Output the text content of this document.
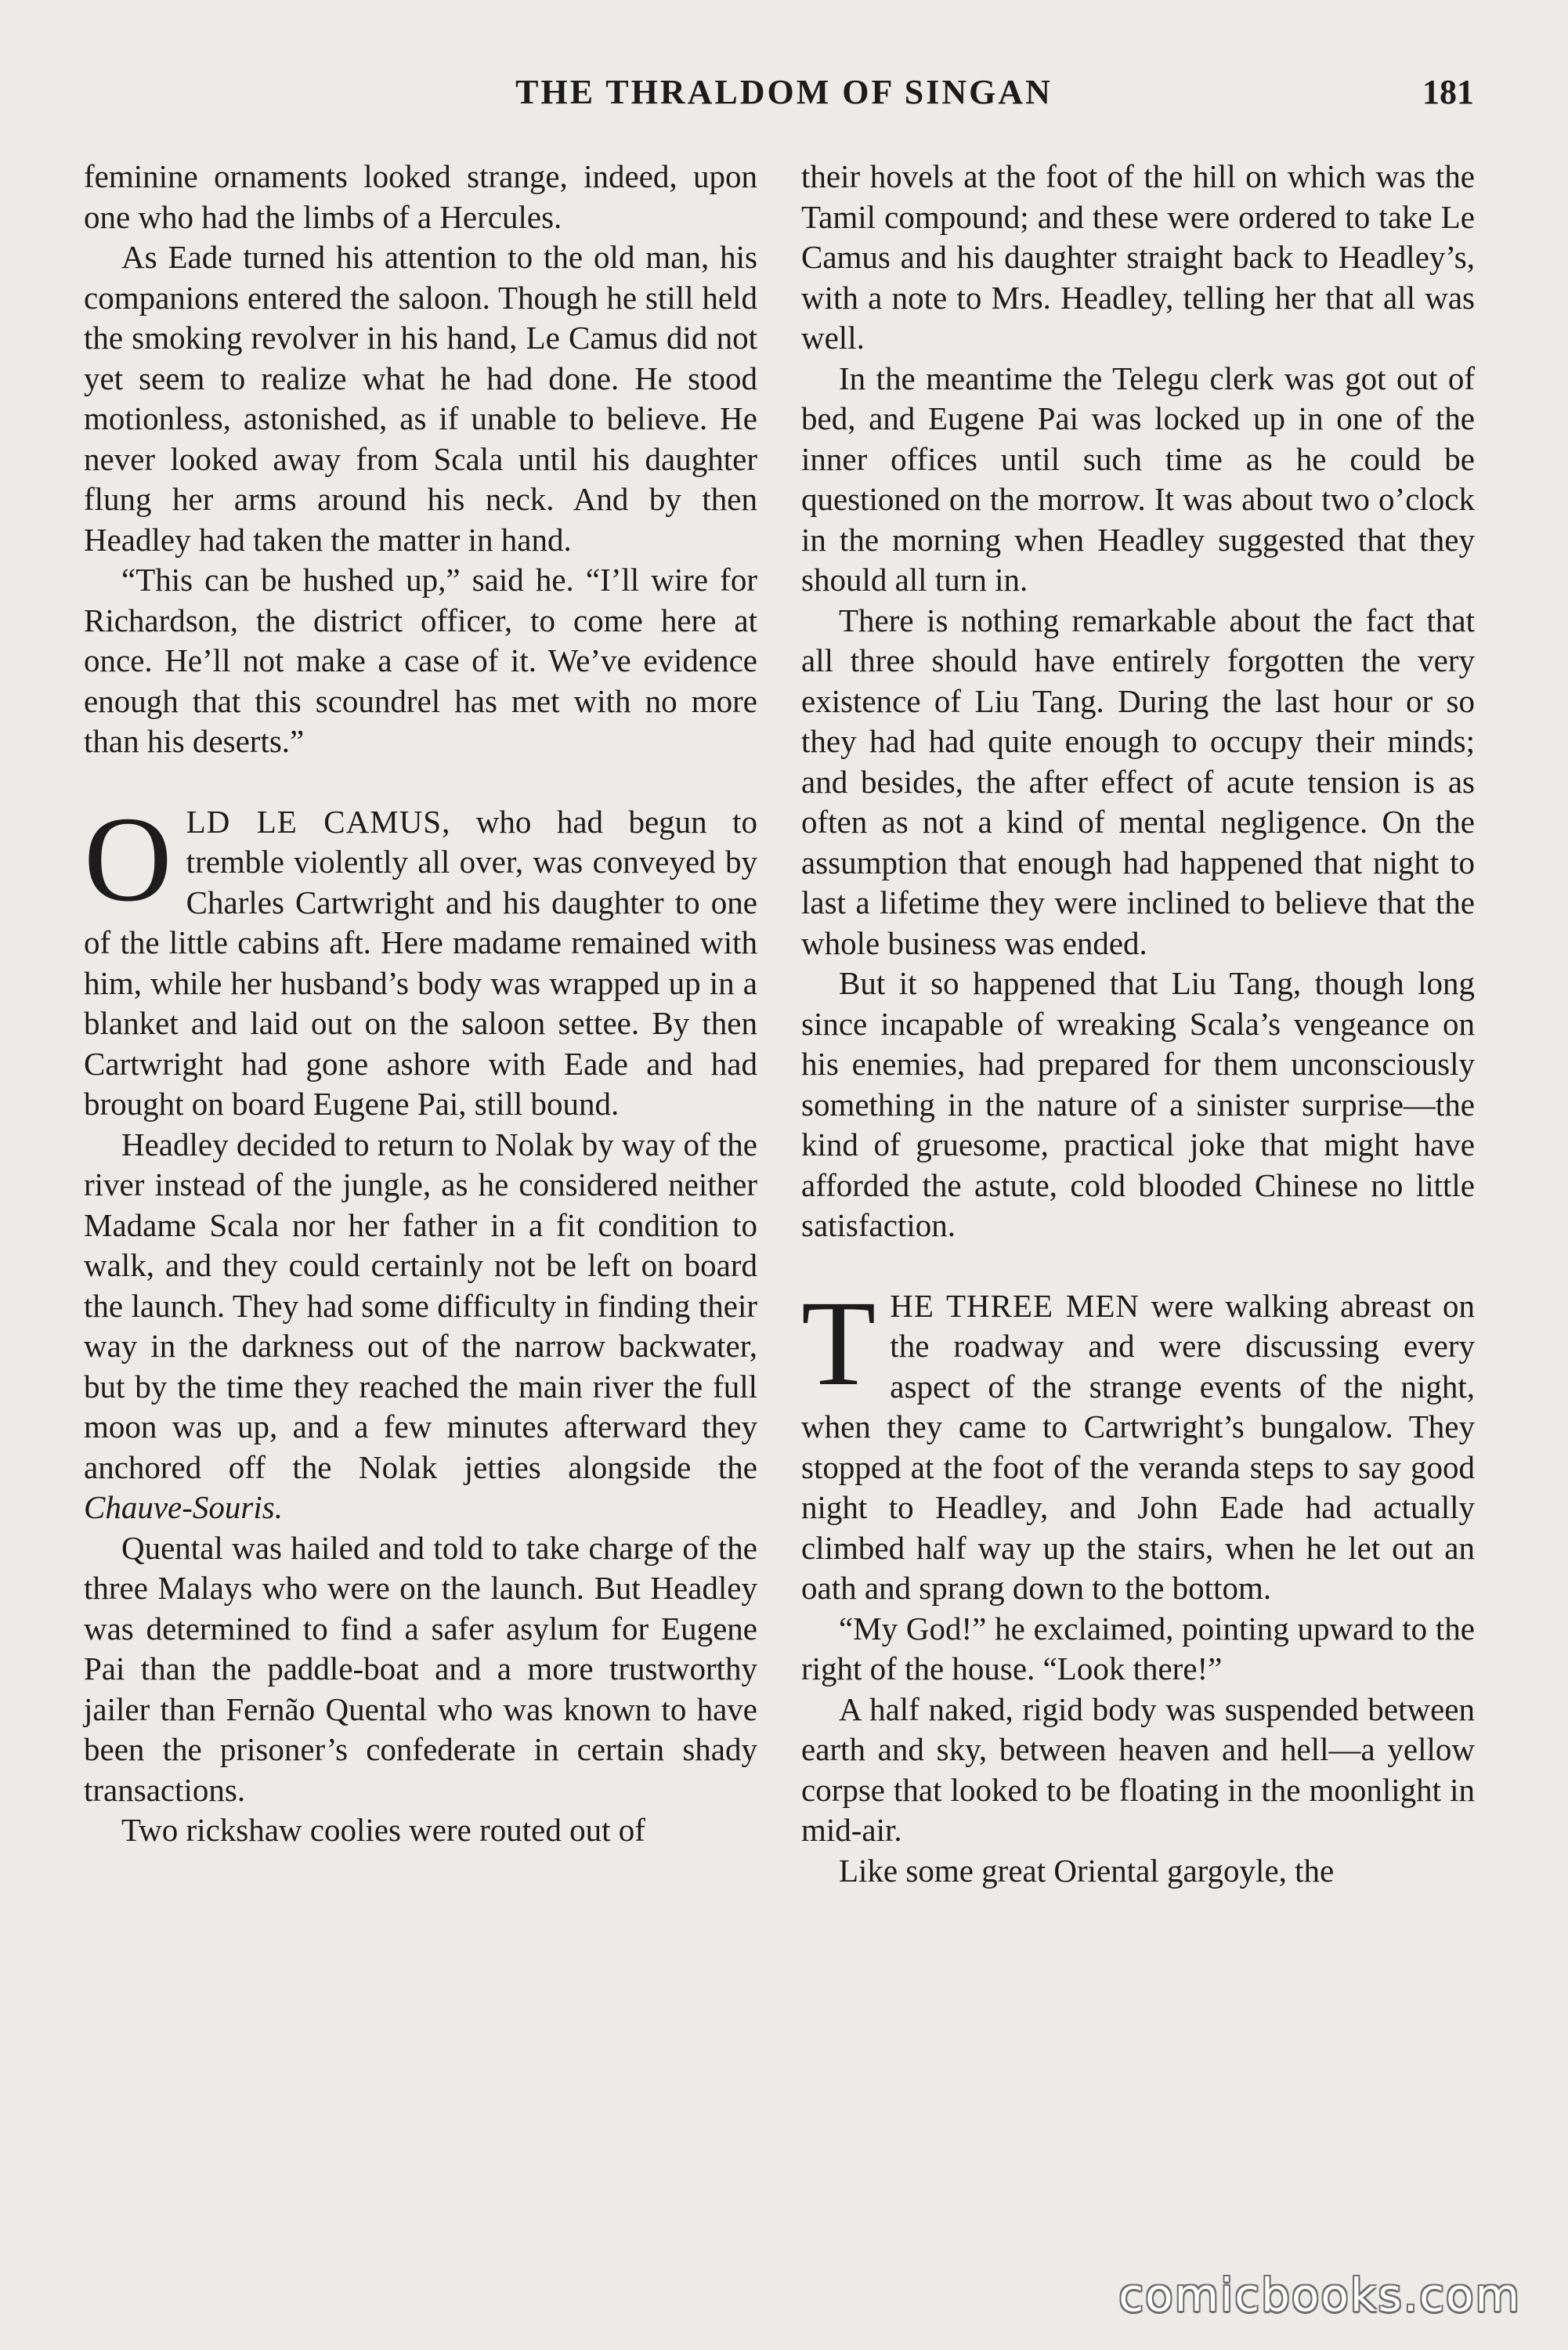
THE THRALDOM OF SINGAN	181

feminine ornaments looked strange, indeed, upon one who had the limbs of a Hercules.

As Eade turned his attention to the old man, his companions entered the saloon. Though he still held the smoking revolver in his hand, Le Camus did not yet seem to realize what he had done. He stood motionless, astonished, as if unable to believe. He never looked away from Scala until his daughter flung her arms around his neck. And by then Headley had taken the matter in hand.

“This can be hushed up,” said he. “I’ll wire for Richardson, the district officer, to come here at once. He’ll not make a case of it. We’ve evidence enough that this scoundrel has met with no more than his deserts.”

OLD LE CAMUS, who had begun to tremble violently all over, was conveyed by Charles Cartwright and his daughter to one of the little cabins aft. Here madame remained with him, while her husband’s body was wrapped up in a blanket and laid out on the saloon settee. By then Cartwright had gone ashore with Eade and had brought on board Eugene Pai, still bound.

Headley decided to return to Nolak by way of the river instead of the jungle, as he considered neither Madame Scala nor her father in a fit condition to walk, and they could certainly not be left on board the launch. They had some difficulty in finding their way in the darkness out of the narrow backwater, but by the time they reached the main river the full moon was up, and a few minutes afterward they anchored off the Nolak jetties alongside the Chauve-Souris.

Quental was hailed and told to take charge of the three Malays who were on the launch. But Headley was determined to find a safer asylum for Eugene Pai than the paddle-boat and a more trustworthy jailer than Fernão Quental who was known to have been the prisoner’s confederate in certain shady transactions.

Two rickshaw coolies were routed out of

their hovels at the foot of the hill on which was the Tamil compound; and these were ordered to take Le Camus and his daughter straight back to Headley’s, with a note to Mrs. Headley, telling her that all was well.

In the meantime the Telegu clerk was got out of bed, and Eugene Pai was locked up in one of the inner offices until such time as he could be questioned on the morrow. It was about two o’clock in the morning when Headley suggested that they should all turn in.

There is nothing remarkable about the fact that all three should have entirely forgotten the very existence of Liu Tang. During the last hour or so they had had quite enough to occupy their minds; and besides, the after effect of acute tension is as often as not a kind of mental negligence. On the assumption that enough had happened that night to last a lifetime they were inclined to believe that the whole business was ended.

But it so happened that Liu Tang, though long since incapable of wreaking Scala’s vengeance on his enemies, had prepared for them unconsciously something in the nature of a sinister surprise—the kind of gruesome, practical joke that might have afforded the astute, cold blooded Chinese no little satisfaction.

THE THREE MEN were walking abreast on the roadway and were discussing every aspect of the strange events of the night, when they came to Cartwright’s bungalow. They stopped at the foot of the veranda steps to say good night to Headley, and John Eade had actually climbed half way up the stairs, when he let out an oath and sprang down to the bottom.

“My God!” he exclaimed, pointing upward to the right of the house. “Look there!”

A half naked, rigid body was suspended between earth and sky, between heaven and hell—a yellow corpse that looked to be floating in the moonlight in mid-air.

Like some great Oriental gargoyle, the

comicbooks.com
